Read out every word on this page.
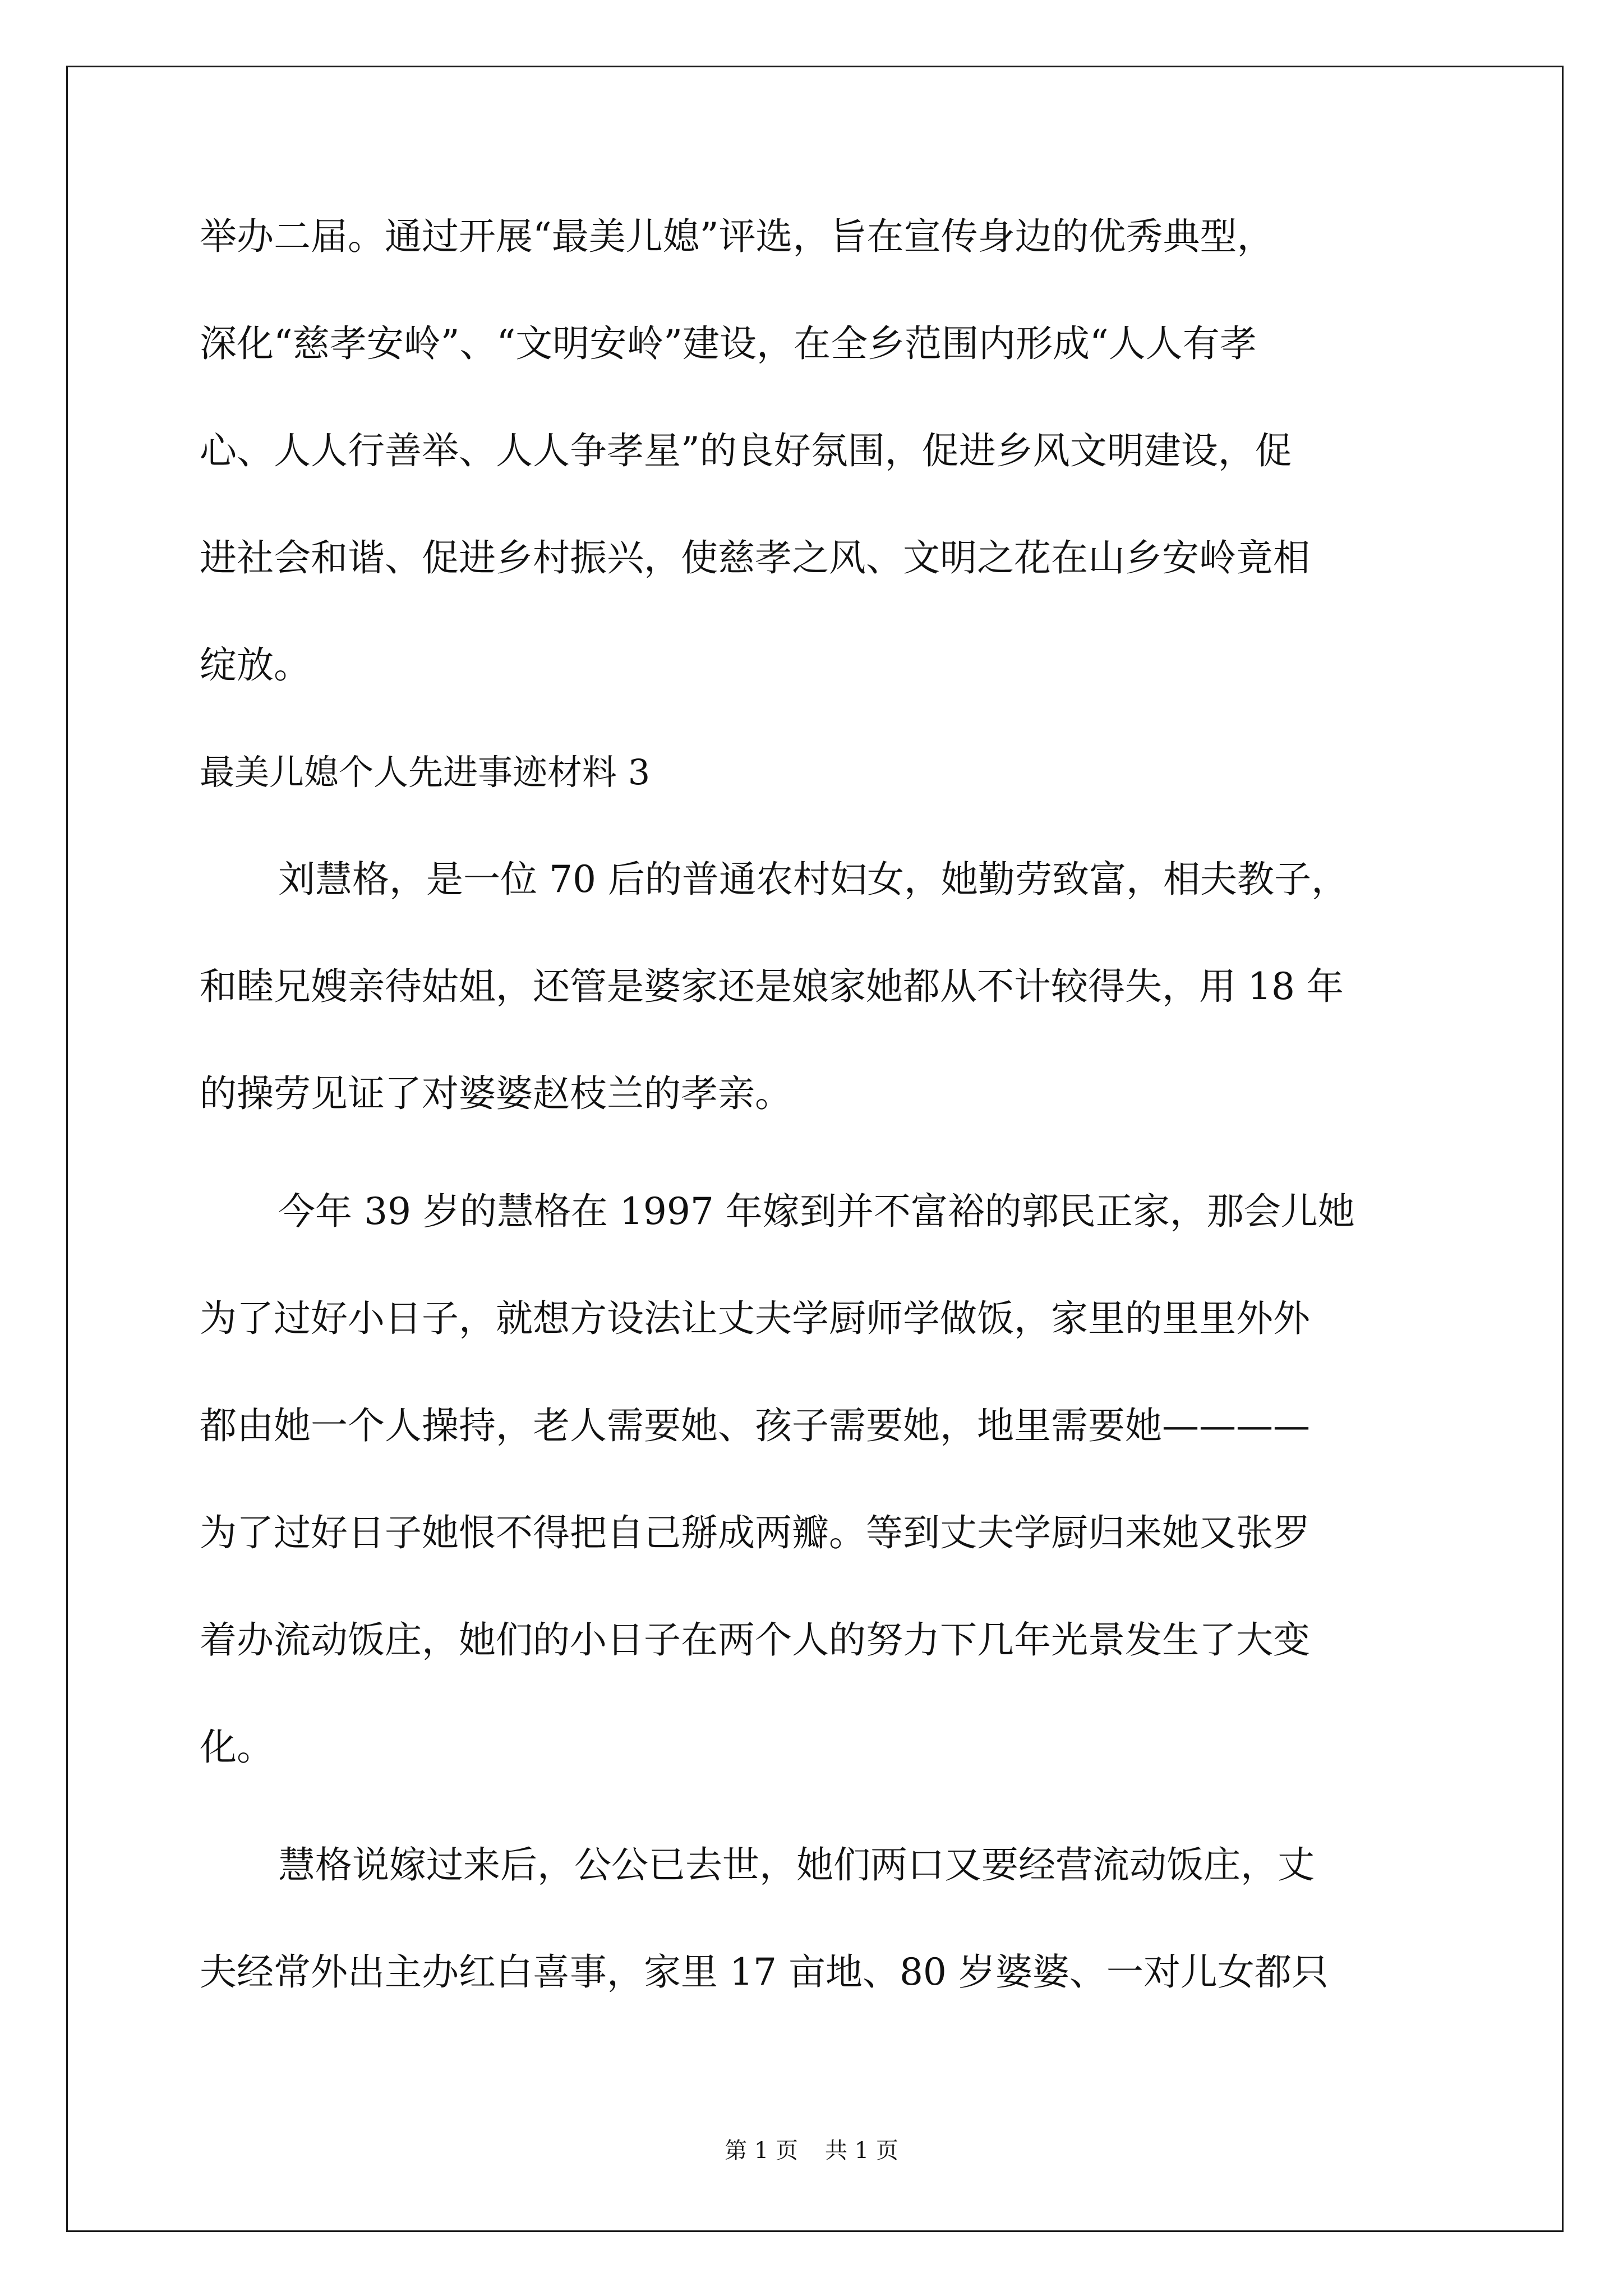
举办二届。通过开展“最美儿媳”评选，旨在宣传身边的优秀典型，

深化“慈孝安岭”、“文明安岭”建设，在全乡范围内形成“人人有孝

心、人人行善举、人人争孝星”的良好氛围，促进乡风文明建设，促

进社会和谐、促进乡村振兴，使慈孝之风、文明之花在山乡安岭竟相

绽放。

最美儿媳个人先进事迹材料 3

刘慧格，是一位 70 后的普通农村妇女，她勤劳致富，相夫教子，

和睦兄嫂亲待姑姐，还管是婆家还是娘家她都从不计较得失，用 18 年

的操劳见证了对婆婆赵枝兰的孝亲。

今年 39 岁的慧格在 1997 年嫁到并不富裕的郭民正家，那会儿她

为了过好小日子，就想方设法让丈夫学厨师学做饭，家里的里里外外

都由她一个人操持，老人需要她、孩子需要她，地里需要她————

为了过好日子她恨不得把自己掰成两瓣。等到丈夫学厨归来她又张罗

着办流动饭庄，她们的小日子在两个人的努力下几年光景发生了大变

化。

慧格说嫁过来后，公公已去世，她们两口又要经营流动饭庄，丈

夫经常外出主办红白喜事，家里 17 亩地、80 岁婆婆、一对儿女都只

第 1 页 共 1 页
